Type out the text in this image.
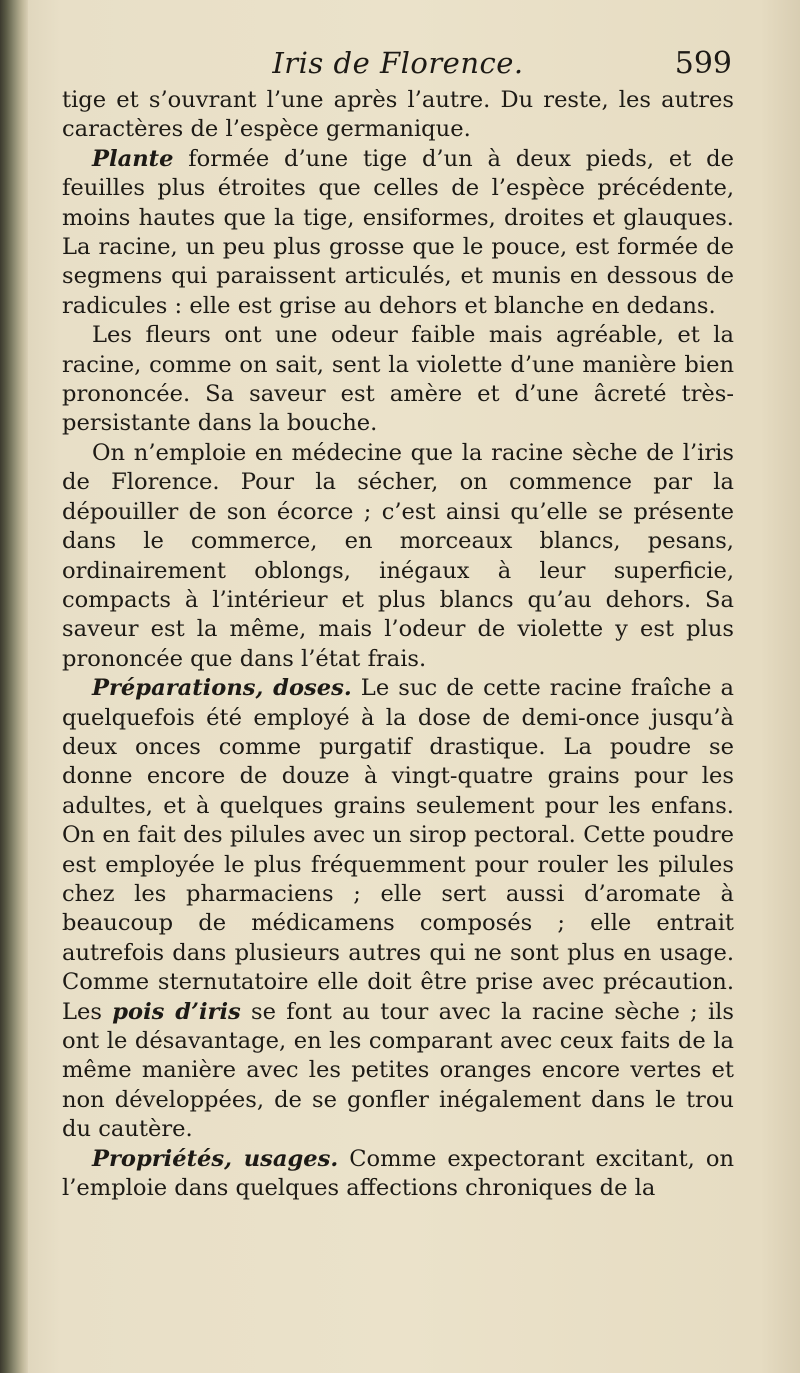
Iris de Florence.	599

tige et s’ouvrant l’une après l’autre. Du reste, les autres caractères de l’espèce germanique.

Plante formée d’une tige d’un à deux pieds, et de feuilles plus étroites que celles de l’espèce précédente, moins hautes que la tige, ensiformes, droites et glauques. La racine, un peu plus grosse que le pouce, est formée de segmens qui paraissent articulés, et munis en dessous de radicules : elle est grise au dehors et blanche en dedans.

Les fleurs ont une odeur faible mais agréable, et la racine, comme on sait, sent la violette d’une manière bien prononcée. Sa saveur est amère et d’une âcreté très-persistante dans la bouche.

On n’emploie en médecine que la racine sèche de l’iris de Florence. Pour la sécher, on commence par la dépouiller de son écorce ; c’est ainsi qu’elle se présente dans le commerce, en morceaux blancs, pesans, ordinairement oblongs, inégaux à leur superficie, compacts à l’intérieur et plus blancs qu’au dehors. Sa saveur est la même, mais l’odeur de violette y est plus prononcée que dans l’état frais.

Préparations, doses. Le suc de cette racine fraîche a quelquefois été employé à la dose de demi-once jusqu’à deux onces comme purgatif drastique. La poudre se donne encore de douze à vingt-quatre grains pour les adultes, et à quelques grains seulement pour les enfans. On en fait des pilules avec un sirop pectoral. Cette poudre est employée le plus fréquemment pour rouler les pilules chez les pharmaciens ; elle sert aussi d’aromate à beaucoup de médicamens composés ; elle entrait autrefois dans plusieurs autres qui ne sont plus en usage. Comme sternutatoire elle doit être prise avec précaution. Les pois d’iris se font au tour avec la racine sèche ; ils ont le désavantage, en les comparant avec ceux faits de la même manière avec les petites oranges encore vertes et non développées, de se gonfler inégalement dans le trou du cautère.

Propriétés, usages. Comme expectorant excitant, on l’emploie dans quelques affections chroniques de la
